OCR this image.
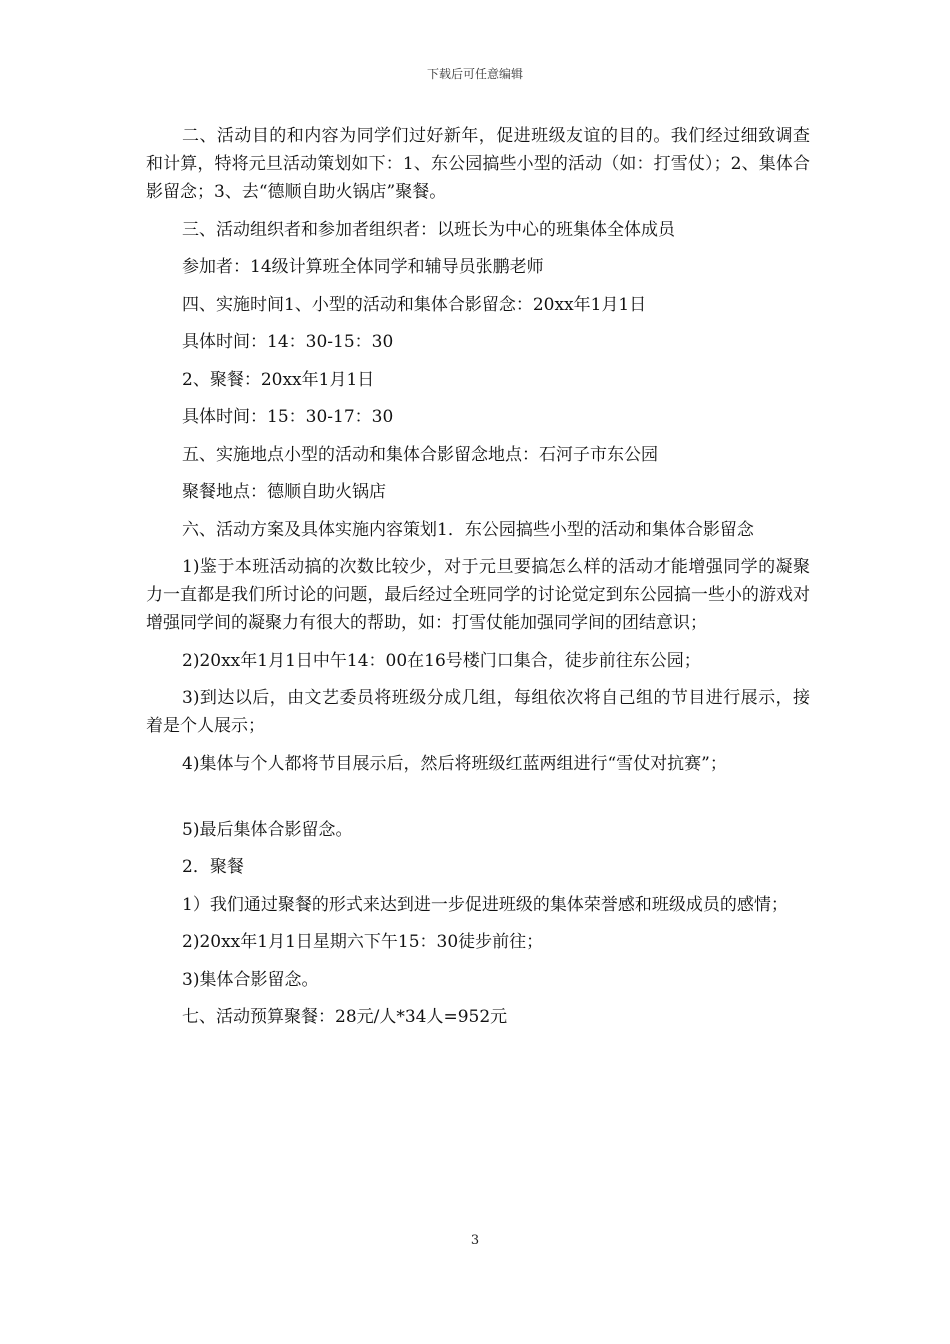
下载后可任意编辑

二、活动目的和内容为同学们过好新年，促进班级友谊的目的。我们经过细致调查和计算，特将元旦活动策划如下：1、东公园搞些小型的活动（如：打雪仗）；2、集体合影留念；3、去“德顺自助火锅店”聚餐。

三、活动组织者和参加者组织者：以班长为中心的班集体全体成员

参加者：14级计算班全体同学和辅导员张鹏老师

四、实施时间1、小型的活动和集体合影留念：20xx年1月1日

具体时间：14：30-15：30

2、聚餐：20xx年1月1日

具体时间：15：30-17：30

五、实施地点小型的活动和集体合影留念地点：石河子市东公园

聚餐地点：德顺自助火锅店

六、活动方案及具体实施内容策划1．东公园搞些小型的活动和集体合影留念

1)鉴于本班活动搞的次数比较少，对于元旦要搞怎么样的活动才能增强同学的凝聚力一直都是我们所讨论的问题，最后经过全班同学的讨论觉定到东公园搞一些小的游戏对增强同学间的凝聚力有很大的帮助，如：打雪仗能加强同学间的团结意识；

2)20xx年1月1日中午14：00在16号楼门口集合，徒步前往东公园；

3)到达以后，由文艺委员将班级分成几组，每组依次将自己组的节目进行展示，接着是个人展示；

4)集体与个人都将节目展示后，然后将班级红蓝两组进行“雪仗对抗赛”；

5)最后集体合影留念。

2．聚餐

1）我们通过聚餐的形式来达到进一步促进班级的集体荣誉感和班级成员的感情；

2)20xx年1月1日星期六下午15：30徒步前往；

3)集体合影留念。

七、活动预算聚餐：28元/人*34人=952元

3
